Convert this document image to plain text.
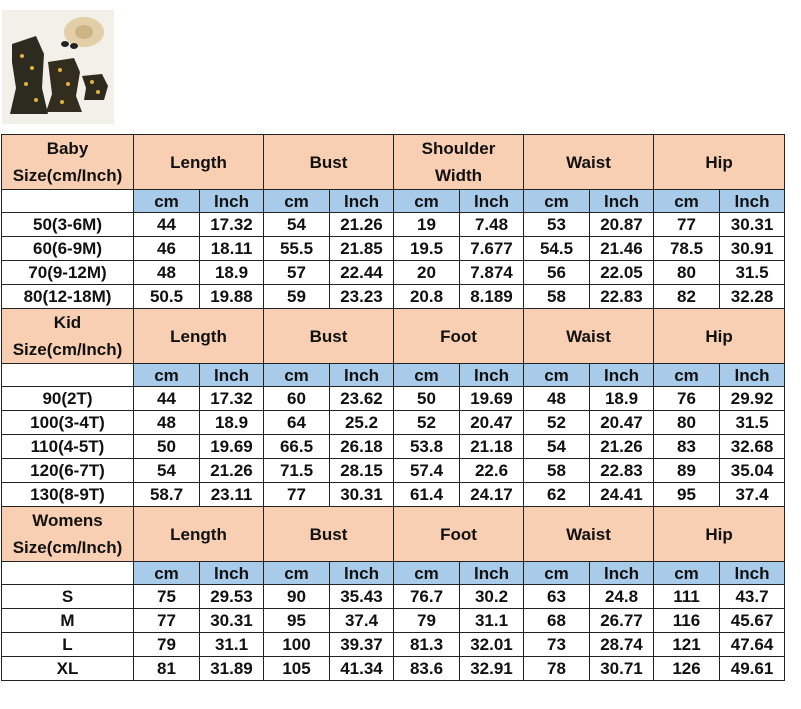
Baby
Size(cm/Inch)	Length		Bust		Shoulder Width		Waist		Hip	
	cm	lnch	cm	lnch	cm	lnch	cm	lnch	cm	lnch
50(3-6M)	44	17.32	54	21.26	19	7.48	53	20.87	77	30.31
60(6-9M)	46	18.11	55.5	21.85	19.5	7.677	54.5	21.46	78.5	30.91
70(9-12M)	48	18.9	57	22.44	20	7.874	56	22.05	80	31.5
80(12-18M)	50.5	19.88	59	23.23	20.8	8.189	58	22.83	82	32.28
Kid
Size(cm/Inch)	Length		Bust		Foot		Waist		Hip	
	cm	lnch	cm	lnch	cm	lnch	cm	lnch	cm	lnch
90(2T)	44	17.32	60	23.62	50	19.69	48	18.9	76	29.92
100(3-4T)	48	18.9	64	25.2	52	20.47	52	20.47	80	31.5
110(4-5T)	50	19.69	66.5	26.18	53.8	21.18	54	21.26	83	32.68
120(6-7T)	54	21.26	71.5	28.15	57.4	22.6	58	22.83	89	35.04
130(8-9T)	58.7	23.11	77	30.31	61.4	24.17	62	24.41	95	37.4
Womens
Size(cm/Inch)	Length		Bust		Foot		Waist		Hip	
	cm	lnch	cm	lnch	cm	lnch	cm	lnch	cm	lnch
S	75	29.53	90	35.43	76.7	30.2	63	24.8	111	43.7
M	77	30.31	95	37.4	79	31.1	68	26.77	116	45.67
L	79	31.1	100	39.37	81.3	32.01	73	28.74	121	47.64
XL	81	31.89	105	41.34	83.6	32.91	78	30.71	126	49.61
